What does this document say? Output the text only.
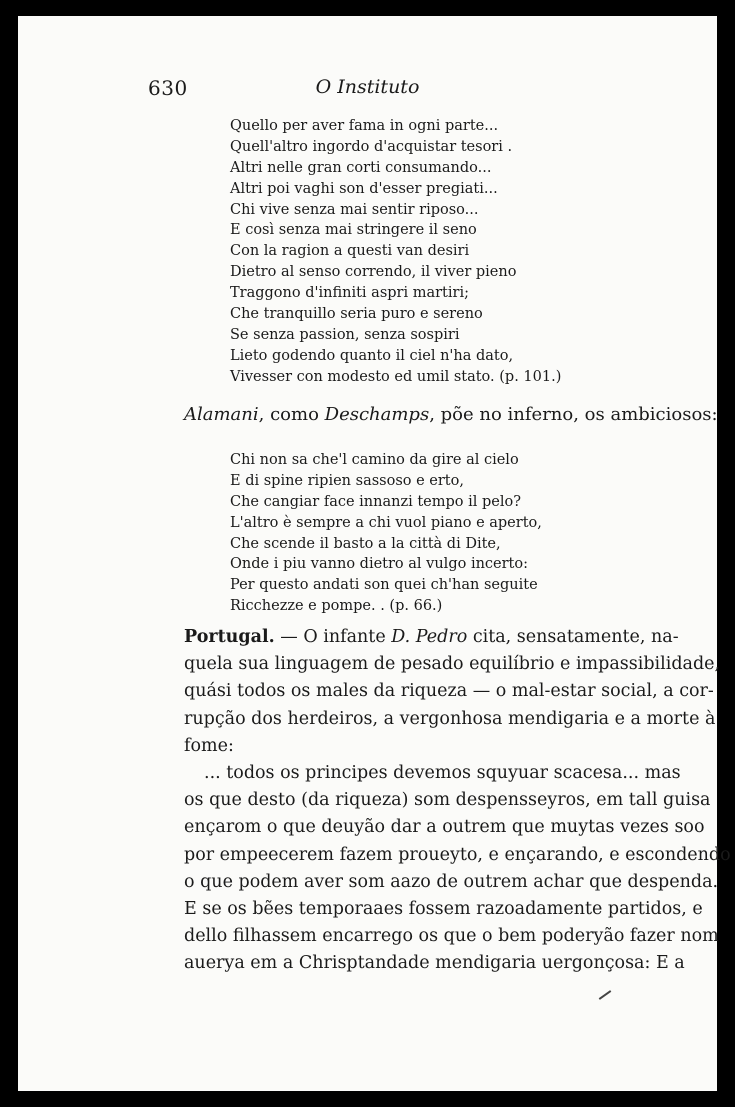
630	O Instituto
Quello per aver fama in ogni parte...
Quell'altro ingordo d'acquistar tesori .
Altri nelle gran corti consumando...
Altri poi vaghi son d'esser pregiati...
Chi vive senza mai sentir riposo...
E così senza mai stringere il seno
Con la ragion a questi van desiri
Dietro al senso correndo, il viver pieno
Traggono d'infiniti aspri martiri;
Che tranquillo seria puro e sereno
Se senza passion, senza sospiri
Lieto godendo quanto il ciel n'ha dato,
Vivesser con modesto ed umil stato. (p. 101.)
Alamani, como Deschamps, põe no inferno, os ambiciosos:
Chi non sa che'l camino da gire al cielo
E di spine ripien sassoso e erto,
Che cangiar face innanzi tempo il pelo?
L'altro è sempre a chi vuol piano e aperto,
Che scende il basto a la città di Dite,
Onde i piu vanno dietro al vulgo incerto:
Per questo andati son quei ch'han seguite
Ricchezze e pompe. . (p. 66.)
Portugal. — O infante D. Pedro cita, sensatamente, na-
quela sua linguagem de pesado equilíbrio e impassibilidade,
quási todos os males da riqueza — o mal-estar social, a cor-
rupção dos herdeiros, a vergonhosa mendigaria e a morte à
fome:
... todos os principes devemos squyuar scacesa... mas
os que desto (da riqueza) som despensseyros, em tall guisa
ençarom o que deuyão dar a outrem que muytas vezes soo
por empeecerem fazem proueyto, e ençarando, e escondendo
o que podem aver som aazo de outrem achar que despenda.
E se os bẽes temporaaes fossem razoadamente partidos, e
dello filhassem encarrego os que o bem poderyão fazer nom
auerya em a Chrisptandade mendigaria uergonçosa: E a
